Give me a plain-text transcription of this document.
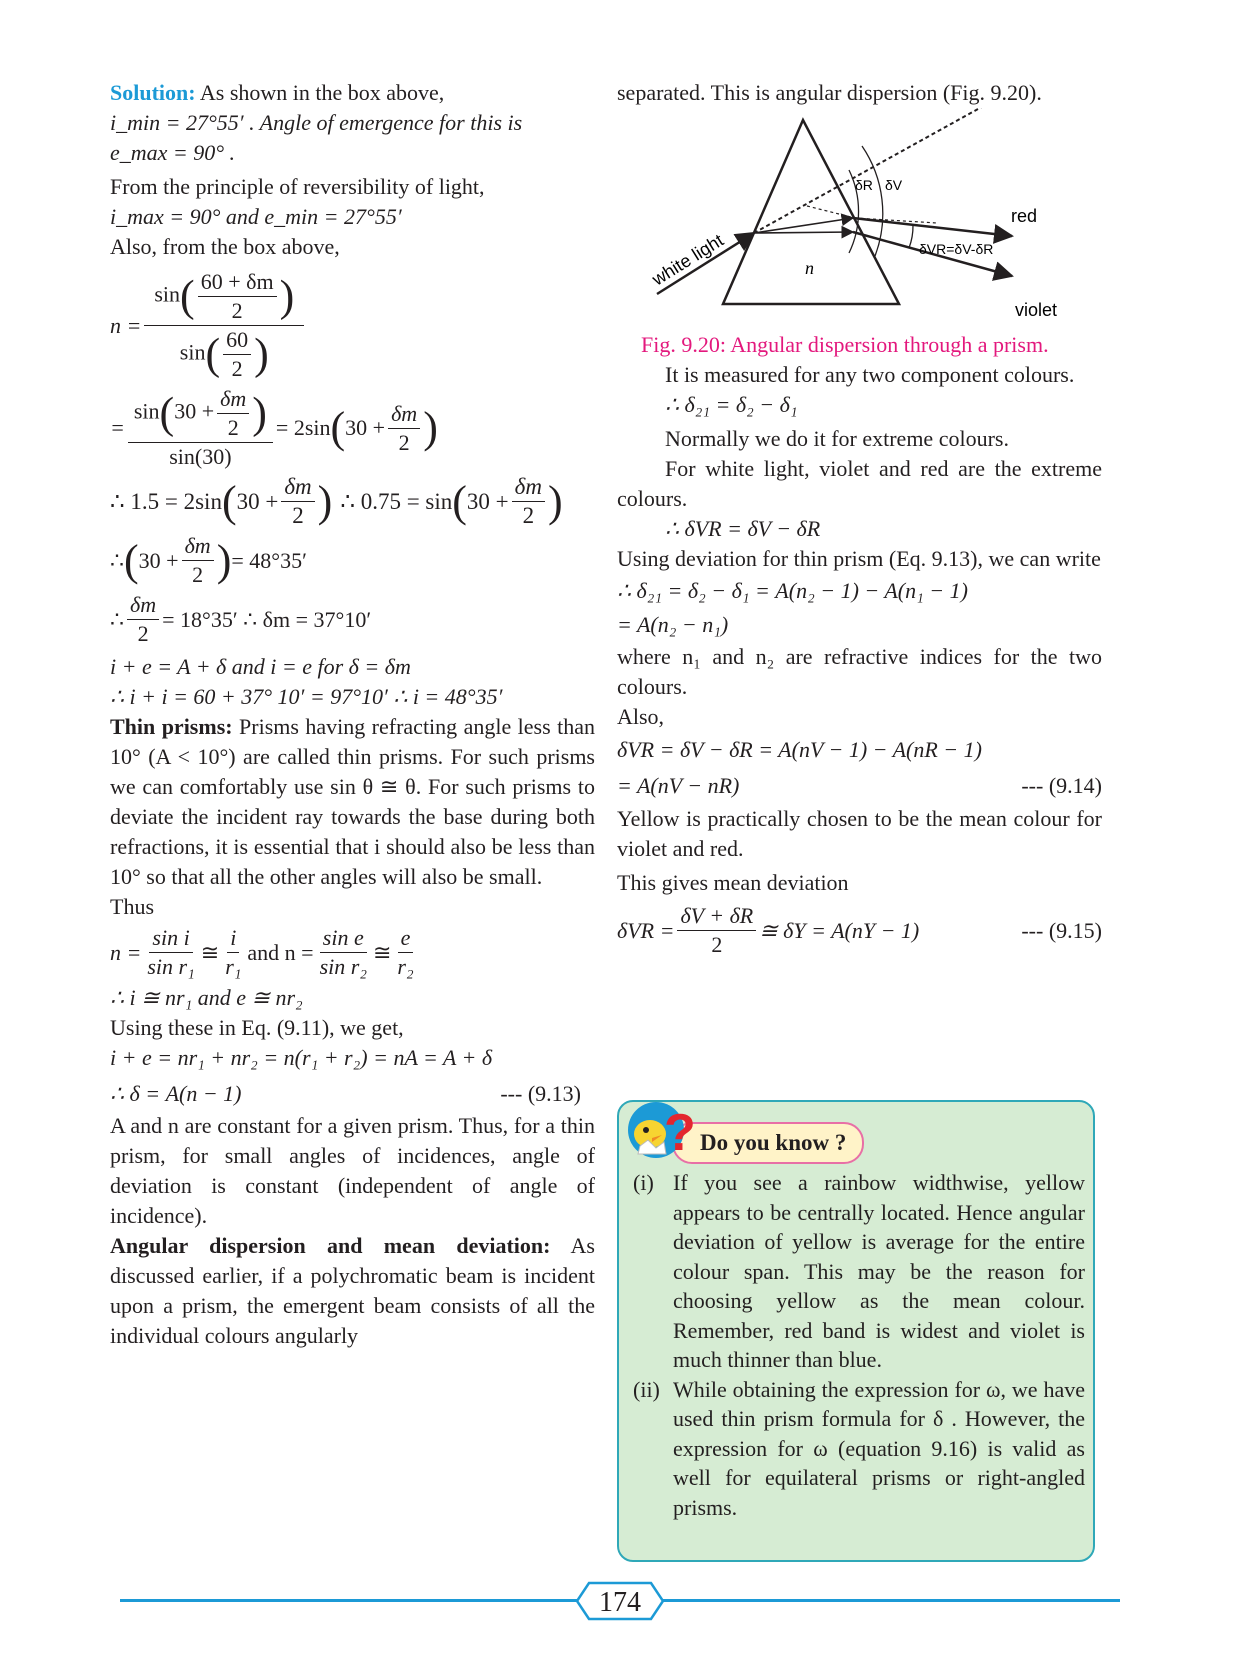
Solution: As shown in the box above,

i_min = 27°55′ . Angle of emergence for this is

e_max = 90° .

From the principle of reversibility of light,

i_max = 90° and e_min = 27°55′

Also, from the box above,

$n = \frac{\sin( \frac{60 + \delta m}{2} )}{\sin( \frac{60}{2} )}$
= $\frac{\sin(30 + \frac{\delta m}{2} )}{\sin(30)} = 2\sin$ ( $30 + \frac{\delta m}{2}$ )
∴ 1.5 = 2sin ( $30 + \frac{\delta m}{2}$ ) ∴ 0.75 = sin ( $30 + \frac{\delta m}{2}$ )
∴ ( $30 + \frac{\delta m}{2}$ ) = 48°35′
∴ $\frac{\delta m}{2} = 18^\circ 35'$ ∴ δm = 37°10′

i + e = A + δ and i = e for δ = δm

∴ i + i = 60 + 37° 10′ = 97°10′ ∴ i = 48°35′

Thin prisms: Prisms having refracting angle less than 10° (A < 10°) are called thin prisms. For such prisms we can comfortably use sin θ ≅ θ. For such prisms to deviate the incident ray towards the base during both refractions, it is essential that i should also be less than 10° so that all the other angles will also be small.

Thus

$n = \frac{\text{sin i}}{\text{sin r₁}}$ ≅ $\frac{i}{\text{r₁}}$ and $n = \frac{\text{sin e}}{\text{sin r₂}}$ ≅ $\frac{e}{\text{r₂}}$

∴ i ≅ nr₁ and e ≅ nr₂

Using these in Eq. (9.11), we get,

i + e = nr₁ + nr₂ = n(r₁ + r₂) = nA = A + δ

∴ δ = A(n − 1)	--- (9.13)

A and n are constant for a given prism. Thus, for a thin prism, for small angles of incidences, angle of deviation is constant (independent of angle of incidence).

Angular dispersion and mean deviation: As discussed earlier, if a polychromatic beam is incident upon a prism, the emergent beam consists of all the individual colours angularly

separated. This is angular dispersion (Fig. 9.20).

white light	n
red
violet
δR δV
δVR=δV-δR

Fig. 9.20: Angular dispersion through a prism.

It is measured for any two component colours.

∴ δ₂₁ = δ₂ − δ₁

Normally we do it for extreme colours.

For white light, violet and red are the extreme colours.

∴ δVR = δV − δR

Using deviation for thin prism (Eq. 9.13), we can write

∴ δ₂₁ = δ₂ − δ₁ = A(n₂ − 1) − A(n₁ − 1)

= A(n₂ − n₁)

where n₁ and n₂ are refractive indices for the two colours.

Also,

δVR = δV − δR = A(nV − 1) − A(nR − 1)

= A(nV − nR)	--- (9.14)

Yellow is practically chosen to be the mean colour for violet and red.

This gives mean deviation

$\delta VR = \frac{\delta V + \delta R}{2}$ ≅ δY = A(nY − 1)	--- (9.15)
Do you know ?
?
(i) If you see a rainbow widthwise, yellow appears to be centrally located. Hence angular deviation of yellow is average for the entire colour span. This may be the reason for choosing yellow as the mean colour. Remember, red band is widest and violet is much thinner than blue.
(ii) While obtaining the expression for ω, we have used thin prism formula for δ . However, the expression for ω (equation 9.16) is valid as well for equilateral prisms or right-angled prisms.
174
